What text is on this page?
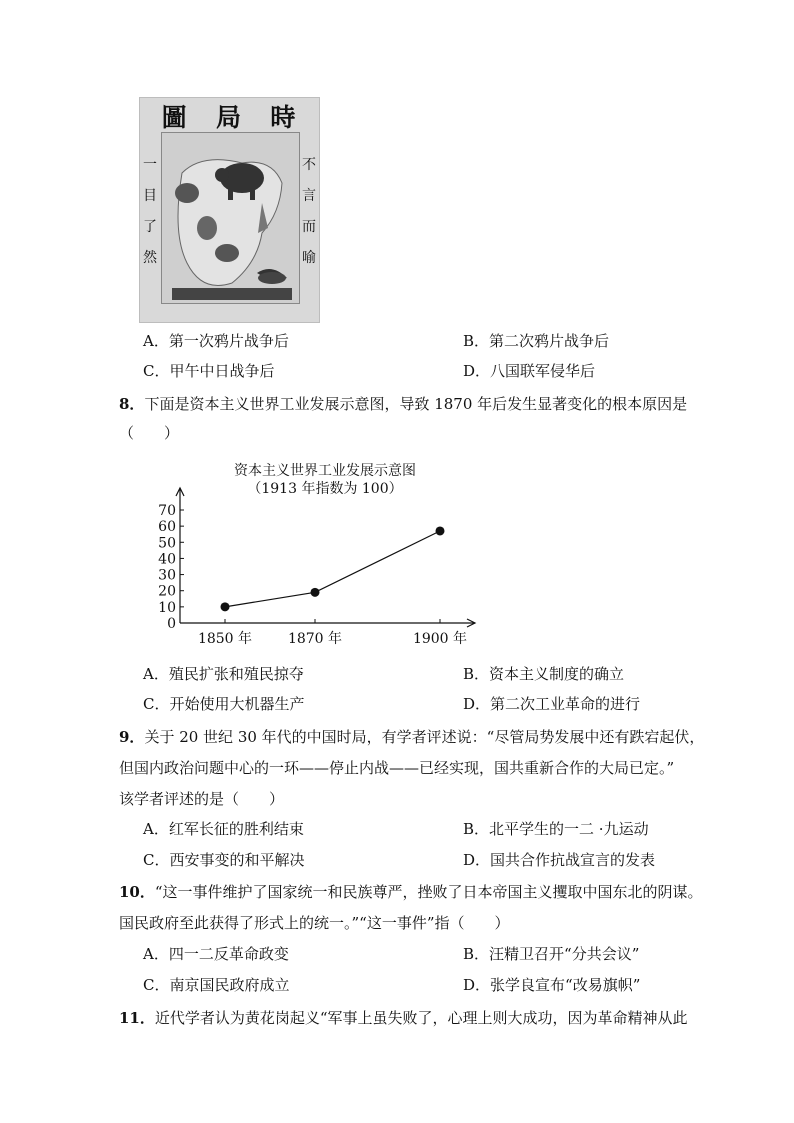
圖 局 時
一
目
了
然
不
言
而
喻
A．第一次鸦片战争后	B．第二次鸦片战争后
C．甲午中日战争后	D．八国联军侵华后
8．下面是资本主义世界工业发展示意图，导致 1870 年后发生显著变化的根本原因是
（　　）
资本主义世界工业发展示意图
（1913 年指数为 100）
0
10
20
30
40
50
60
70
1850 年	1870 年	1900 年
A．殖民扩张和殖民掠夺	B．资本主义制度的确立
C．开始使用大机器生产	D．第二次工业革命的进行
9．关于 20 世纪 30 年代的中国时局，有学者评述说：“尽管局势发展中还有跌宕起伏，
但国内政治问题中心的一环——停止内战——已经实现，国共重新合作的大局已定。”
该学者评述的是（　　）
A．红军长征的胜利结束	B．北平学生的一二 ·九运动
C．西安事变的和平解决	D．国共合作抗战宣言的发表
10．“这一事件维护了国家统一和民族尊严，挫败了日本帝国主义攫取中国东北的阴谋。
国民政府至此获得了形式上的统一。”“这一事件”指（　　）
A．四一二反革命政变	B．汪精卫召开“分共会议”
C．南京国民政府成立	D．张学良宣布“改易旗帜”
11．近代学者认为黄花岗起义“军事上虽失败了，心理上则大成功，因为革命精神从此
